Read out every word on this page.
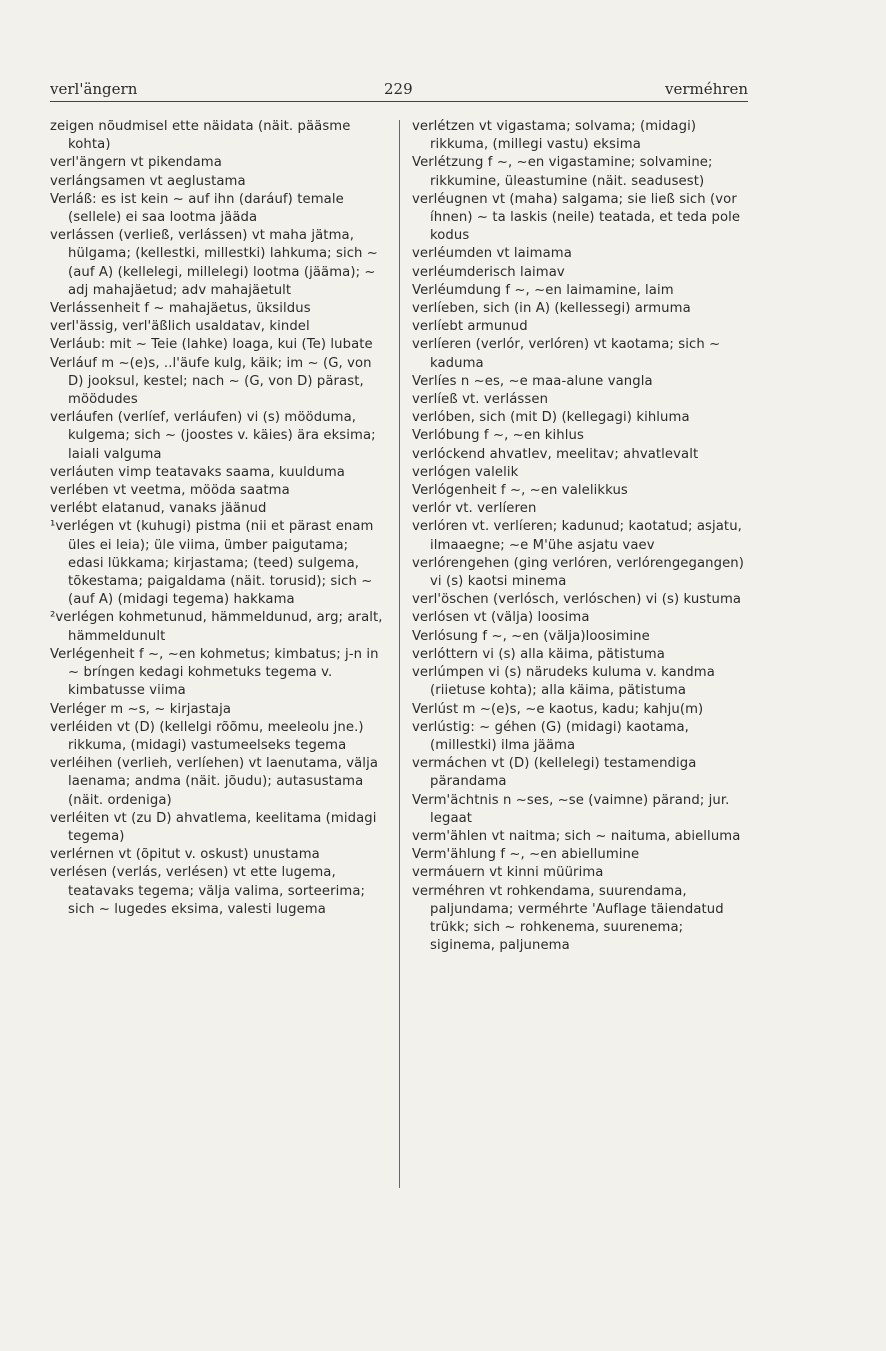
verl'ängern	229	verméhren

zeigen nõudmisel ette näidata (näit. pääsme kohta)

verl'ängern vt pikendama

verlángsamen vt aeglustama

Verláß: es ist kein ~ auf ihn (daráuf) temale (sellele) ei saa lootma jääda

verlássen (verließ, verlássen) vt maha jätma, hülgama; (kellestki, millestki) lahkuma; sich ~ (auf A) (kellelegi, millelegi) lootma (jääma); ~ adj mahajäetud; adv mahajäetult

Verlássenheit f ~ mahajäetus, üksildus

verl'ässig, verl'äßlich usaldatav, kindel

Verláub: mit ~ Teie (lahke) loaga, kui (Te) lubate

Verláuf m ~(e)s, ..l'äufe kulg, käik; im ~ (G, von D) jooksul, kestel; nach ~ (G, von D) pärast, möödudes

verláufen (verlíef, verláufen) vi (s) mööduma, kulgema; sich ~ (joostes v. käies) ära eksima; laiali valguma

verláuten vimp teatavaks saama, kuulduma

verlében vt veetma, mööda saatma

verlébt elatanud, vanaks jäänud

¹verlégen vt (kuhugi) pistma (nii et pärast enam üles ei leia); üle viima, ümber paigutama; edasi lükkama; kirjastama; (teed) sulgema, tõkestama; paigaldama (näit. torusid); sich ~ (auf A) (midagi tegema) hakkama

²verlégen kohmetunud, hämmeldunud, arg; aralt, hämmeldunult

Verlégenheit f ~, ~en kohmetus; kimbatus; j-n in ~ bríngen kedagi kohmetuks tegema v. kimbatusse viima

Verléger m ~s, ~ kirjastaja

verléiden vt (D) (kellelgi rõõmu, meeleolu jne.) rikkuma, (midagi) vastumeelseks tegema

verléihen (verlieh, verlíehen) vt laenutama, välja laenama; andma (näit. jõudu); autasustama (näit. ordeniga)

verléiten vt (zu D) ahvatlema, keelitama (midagi tegema)

verlérnen vt (õpitut v. oskust) unustama

verlésen (verlás, verlésen) vt ette lugema, teatavaks tegema; välja valima, sorteerima; sich ~ lugedes eksima, valesti lugema

verlétzen vt vigastama; solvama; (midagi) rikkuma, (millegi vastu) eksima

Verlétzung f ~, ~en vigastamine; solvamine; rikkumine, üleastumine (näit. seadusest)

verléugnen vt (maha) salgama; sie ließ sich (vor íhnen) ~ ta laskis (neile) teatada, et teda pole kodus

verléumden vt laimama

verléumderisch laimav

Verléumdung f ~, ~en laimamine, laim

verlíeben, sich (in A) (kellessegi) armuma

verlíebt armunud

verlíeren (verlór, verlóren) vt kaotama; sich ~ kaduma

Verlíes n ~es, ~e maa-alune vangla

verlíeß vt. verlássen

verlóben, sich (mit D) (kellegagi) kihluma

Verlóbung f ~, ~en kihlus

verlóckend ahvatlev, meelitav; ahvatlevalt

verlógen valelik

Verlógenheit f ~, ~en valelikkus

verlór vt. verlíeren

verlóren vt. verlíeren; kadunud; kaotatud; asjatu, ilmaaegne; ~e M'ühe asjatu vaev

verlórengehen (ging verlóren, verlórengegangen) vi (s) kaotsi minema

verl'öschen (verlósch, verlóschen) vi (s) kustuma

verlósen vt (välja) loosima

Verlósung f ~, ~en (välja)loosimine

verlóttern vi (s) alla käima, pätistuma

verlúmpen vi (s) närudeks kuluma v. kandma (riietuse kohta); alla käima, pätistuma

Verlúst m ~(e)s, ~e kaotus, kadu; kahju(m)

verlústig: ~ géhen (G) (midagi) kaotama, (millestki) ilma jääma

vermáchen vt (D) (kellelegi) testamendiga pärandama

Verm'ächtnis n ~ses, ~se (vaimne) pärand; jur. legaat

verm'ählen vt naitma; sich ~ naituma, abielluma

Verm'ählung f ~, ~en abiellumine

vermáuern vt kinni müürima

verméhren vt rohkendama, suurendama, paljundama; verméhrte 'Auflage täiendatud trükk; sich ~ rohkenema, suurenema; siginema, paljunema
